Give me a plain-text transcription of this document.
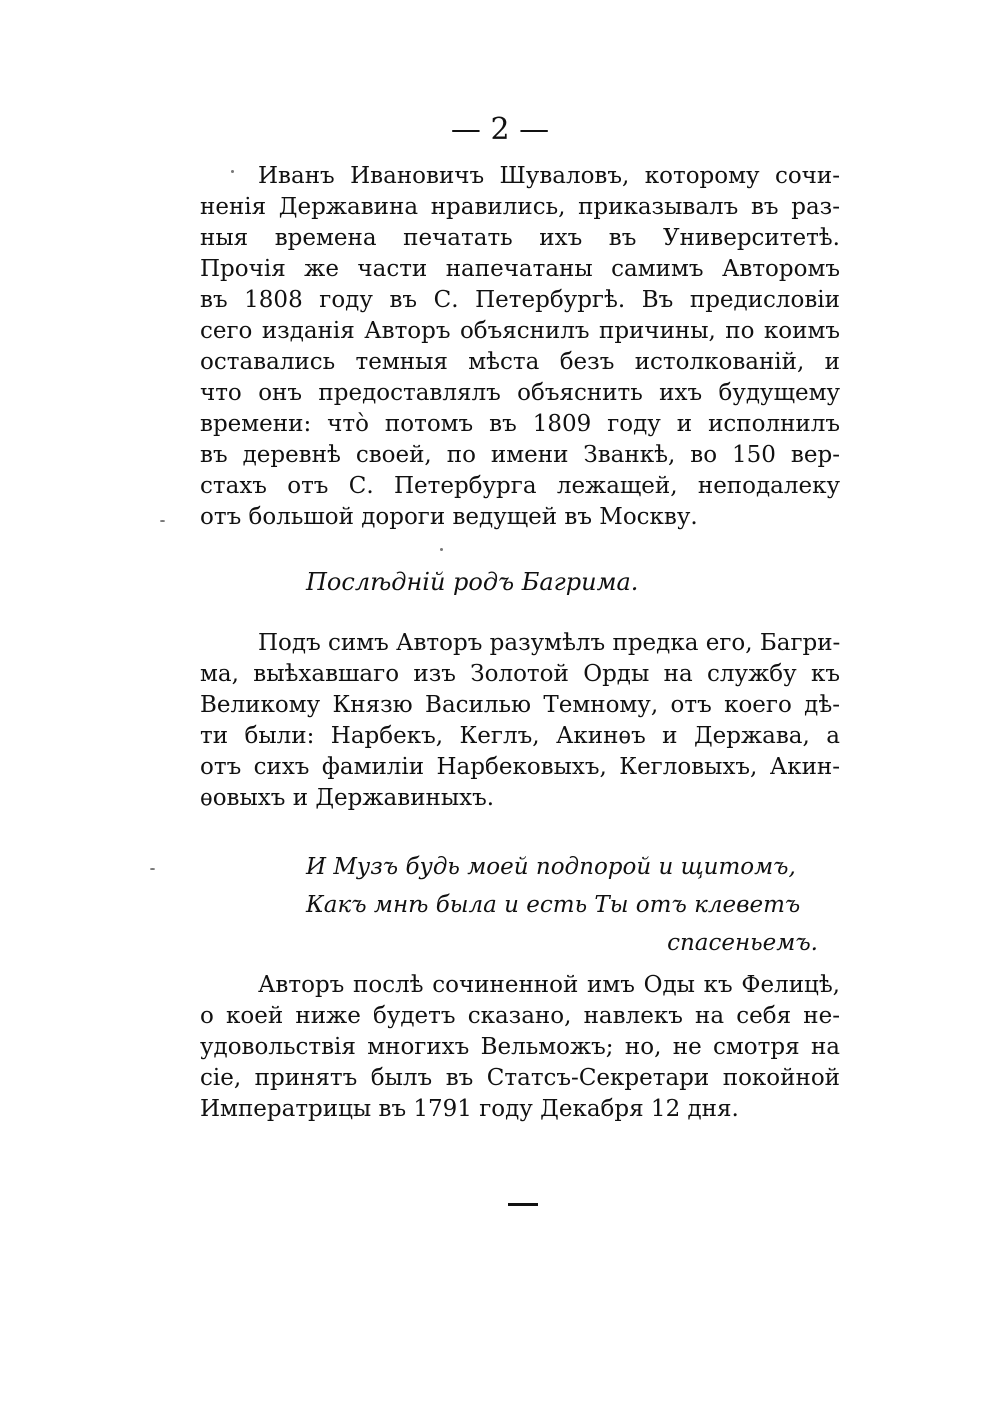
— 2 —
Иванъ Ивановичъ Шуваловъ, которому сочи-
ненія Державина нравились, приказывалъ въ раз-
ныя времена печатать ихъ въ Университетѣ.
Прочія же части напечатаны самимъ Авторомъ
въ 1808 году въ С. Петербургѣ. Въ предисловіи
сего изданія Авторъ объяснилъ причины, по коимъ
оставались темныя мѣста безъ истолкованій, и
что онъ предоставлялъ объяснить ихъ будущему
времени: что̀ потомъ въ 1809 году и исполнилъ
въ деревнѣ своей, по имени Званкѣ, во 150 вер-
стахъ отъ С. Петербурга лежащей, неподалеку
отъ большой дороги ведущей въ Москву.
Послѣдній родъ Багрима.
Подъ симъ Авторъ разумѣлъ предка его, Багри-
ма, выѣхавшаго изъ Золотой Орды на службу къ
Великому Князю Василью Темному, отъ коего дѣ-
ти были: Нарбекъ, Кеглъ, Акинѳъ и Держава, а
отъ сихъ фамиліи Нарбековыхъ, Кегловыхъ, Акин-
ѳовыхъ и Державиныхъ.
И Музъ будь моей подпорой и щитомъ,
Какъ мнѣ была и есть Ты отъ клеветъ
спасеньемъ.
Авторъ послѣ сочиненной имъ Оды къ Фелицѣ,
о коей ниже будетъ сказано, навлекъ на себя не-
удовольствія многихъ Вельможъ; но, не смотря на
сіе, принятъ былъ въ Статсъ-Секретари покойной
Императрицы въ 1791 году Декабря 12 дня.
